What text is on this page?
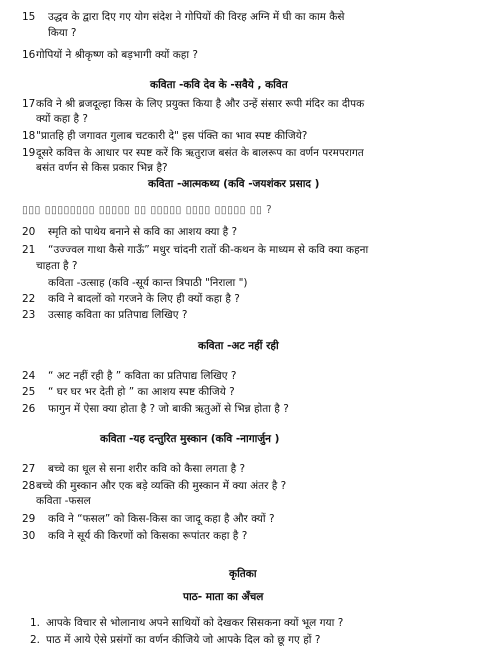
15	उद्धव के द्वारा दिए गए योग संदेश ने गोपियों की विरह अग्नि में घी का काम कैसे
किया ?
16 गोपियों ने श्रीकृष्ण को बड़भागी क्यों कहा ?
कविता -कवि देव के -सवैये , कवित
17 कवि ने श्री ब्रजदूल्हा किस के लिए प्रयुक्त किया है और उन्हें संसार रूपी मंदिर का दीपक
क्यों कहा है ?
18 "प्रातहि ही जगावत गुलाब चटकारी दे" इस पंक्ति का भाव स्पष्ट कीजिये?
19 दूसरे कवित्त के आधार पर स्पष्ट करें कि ऋतुराज बसंत के बालरूप का वर्णन परमपरागत
बसंत वर्णन से किस प्रकार भिन्न है?
कविता -आत्मकथ्य (कवि -जयशंकर प्रसाद )
▯▯▯ ▯▯▯▯▯▯▯▯ ▯▯▯▯▯ ▯▯ ▯▯▯▯▯ ▯▯▯▯ ▯▯▯▯▯ ▯▯ ?
20	स्मृति को पाथेय बनाने से कवि का आशय क्या है ?
21	“उज्ज्वल गाथा कैसे गाऊँ” मधुर चांदनी रातों की-कथन के माध्यम से कवि क्या कहना
चाहता है ?
कविता -उत्साह (कवि -सूर्य कान्त त्रिपाठी "निराला ")
22	कवि ने बादलों को गरजने के लिए ही क्यों कहा है ?
23	उत्साह कविता का प्रतिपाद्य लिखिए ?
कविता -अट नहीं रही
24	“ अट नहीं रही है ” कविता का प्रतिपाद्य लिखिए ?
25	“ घर घर भर देती हो ” का आशय स्पष्ट कीजिये ?
26	फागुन में ऐसा क्या होता है ? जो बाकी ऋतुओं से भिन्न होता है ?
कविता -यह दन्तुरित मुस्कान (कवि -नागार्जुन )
27	बच्चे का धूल से सना शरीर कवि को कैसा लगता है ?
28 बच्चे की मुस्कान और एक बड़े व्यक्ति की मुस्कान में क्या अंतर है ?
कविता -फसल
29	कवि ने “फसल” को किस-किस का जादू कहा है और क्यों ?
30	कवि ने सूर्य की किरणों को किसका रूपांतर कहा है ?
कृतिका
पाठ- माता का अँचल
1. आपके विचार से भोलानाथ अपने साथियों को देखकर सिसकना क्यों भूल गया ?
2. पाठ में आये ऐसे प्रसंगों का वर्णन कीजिये जो आपके दिल को छू गए हों ?
